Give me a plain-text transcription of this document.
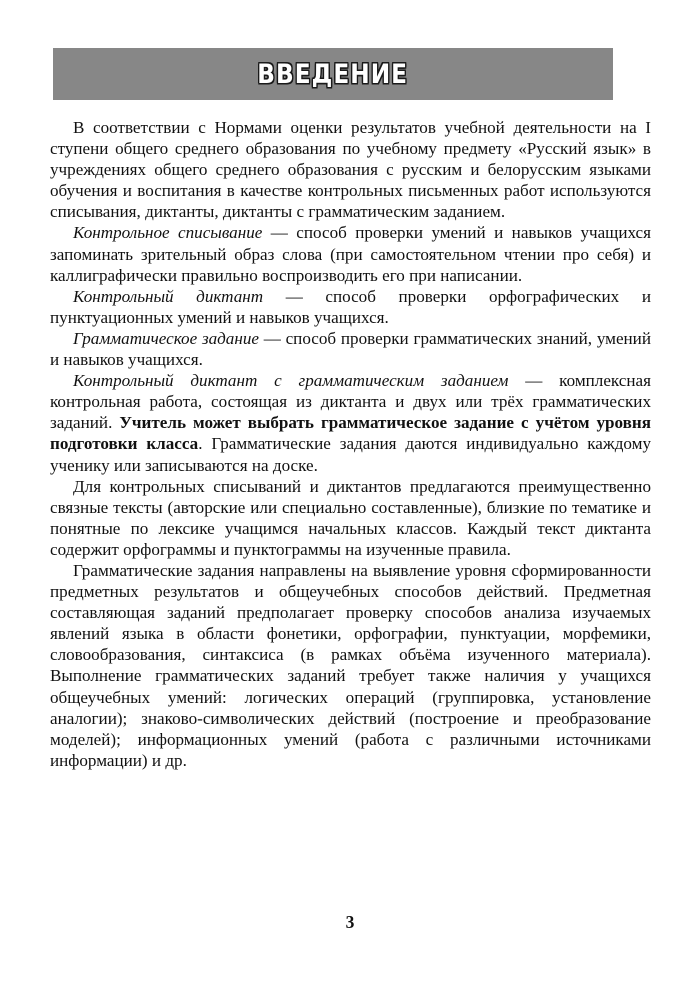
ВВЕДЕНИЕ

В соответствии с Нормами оценки результатов учебной деятельности на I ступени общего среднего образования по учебному предмету «Русский язык» в учреждениях общего среднего образования с русским и белорусским языками обучения и воспитания в качестве контрольных письменных работ используются списывания, диктанты, диктанты с грамматическим заданием.

Контрольное списывание — способ проверки умений и навыков учащихся запоминать зрительный образ слова (при самостоятельном чтении про себя) и каллиграфически правильно воспроизводить его при написании.

Контрольный диктант — способ проверки орфографических и пунктуационных умений и навыков учащихся.

Грамматическое задание — способ проверки грамматических знаний, умений и навыков учащихся.

Контрольный диктант с грамматическим заданием — комплексная контрольная работа, состоящая из диктанта и двух или трёх грамматических заданий. Учитель может выбрать грамматическое задание с учётом уровня подготовки класса. Грамматические задания даются индивидуально каждому ученику или записываются на доске.

Для контрольных списываний и диктантов предлагаются преимущественно связные тексты (авторские или специально составленные), близкие по тематике и понятные по лексике учащимся начальных классов. Каждый текст диктанта содержит орфограммы и пунктограммы на изученные правила.

Грамматические задания направлены на выявление уровня сформированности предметных результатов и общеучебных способов действий. Предметная составляющая заданий предполагает проверку способов анализа изучаемых явлений языка в области фонетики, орфографии, пунктуации, морфемики, словообразования, синтаксиса (в рамках объёма изученного материала). Выполнение грамматических заданий требует также наличия у учащихся общеучебных умений: логических операций (группировка, установление аналогии); знаково-символических действий (построение и преобразование моделей); информационных умений (работа с различными источниками информации) и др.

3
